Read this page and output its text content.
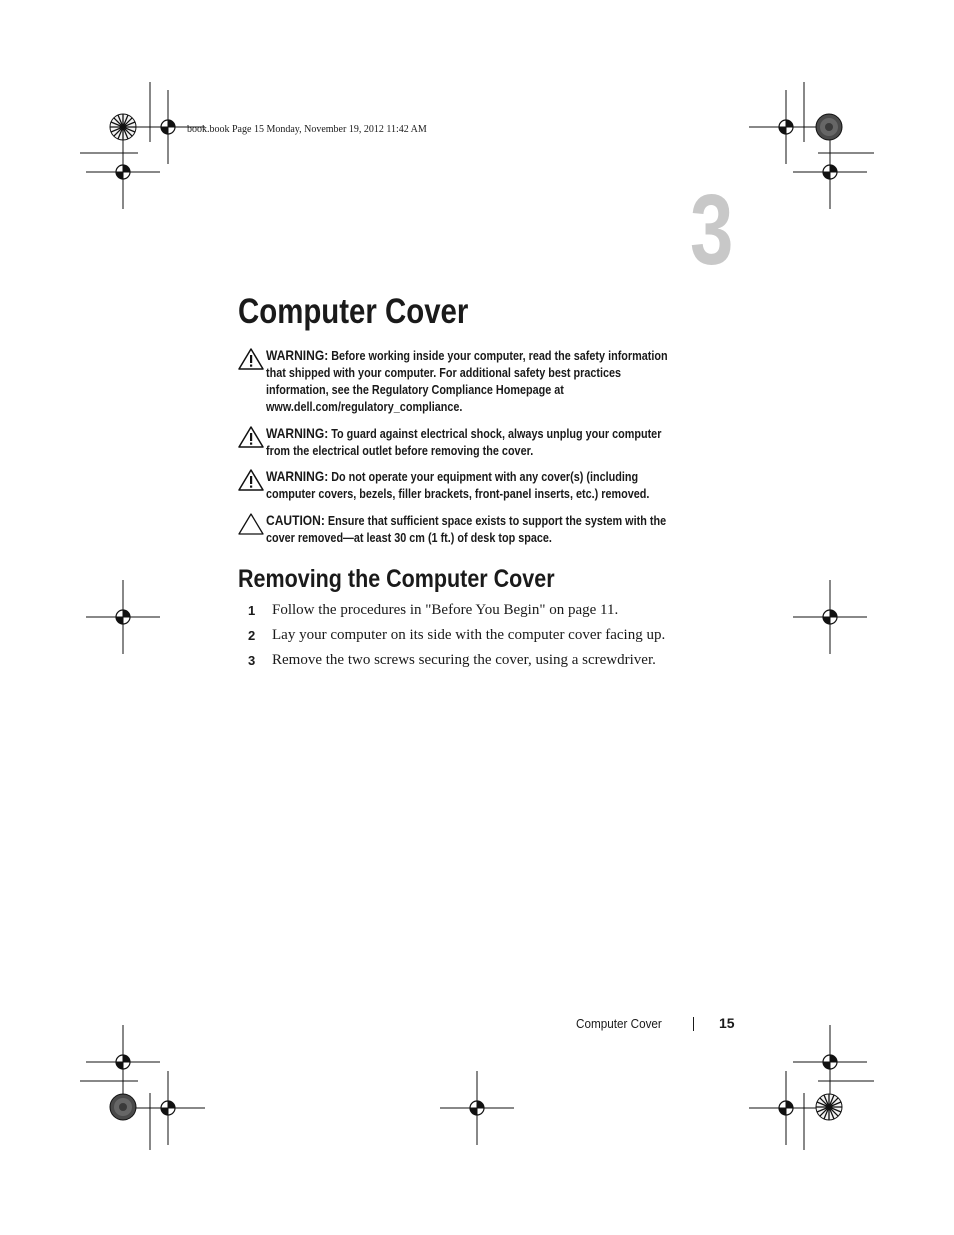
book.book Page 15 Monday, November 19, 2012 11:42 AM
3
Computer Cover
WARNING: Before working inside your computer, read the safety information that shipped with your computer. For additional safety best practices information, see the Regulatory Compliance Homepage at www.dell.com/regulatory_compliance.
WARNING: To guard against electrical shock, always unplug your computer from the electrical outlet before removing the cover.
WARNING: Do not operate your equipment with any cover(s) (including computer covers, bezels, filler brackets, front-panel inserts, etc.) removed.
CAUTION: Ensure that sufficient space exists to support the system with the cover removed—at least 30 cm (1 ft.) of desk top space.
Removing the Computer Cover
1	Follow the procedures in "Before You Begin" on page 11.
2	Lay your computer on its side with the computer cover facing up.
3	Remove the two screws securing the cover, using a screwdriver.
Computer Cover	15
